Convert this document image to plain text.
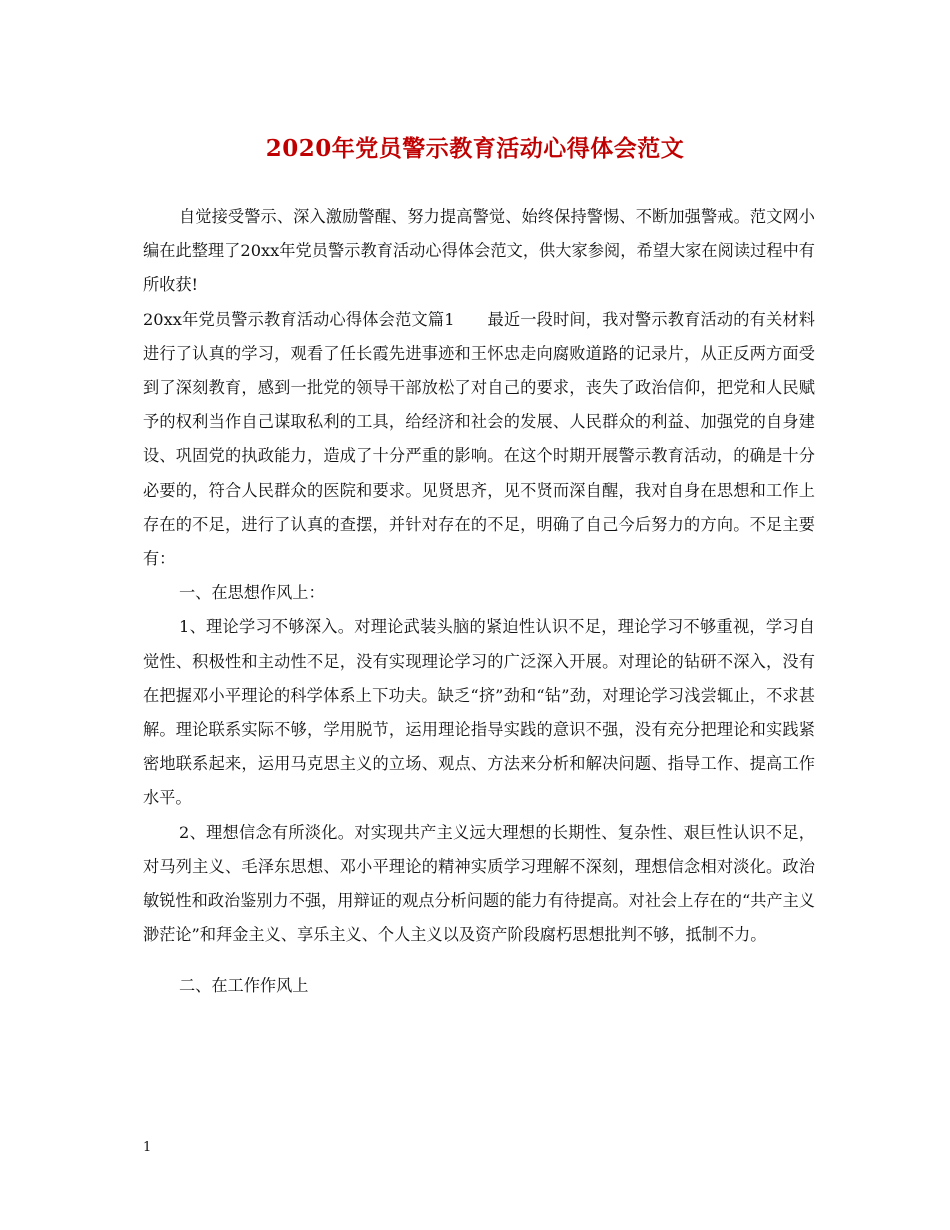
2020年党员警示教育活动心得体会范文

自觉接受警示、深入激励警醒、努力提高警觉、始终保持警惕、不断加强警戒。范文网小编在此整理了20xx年党员警示教育活动心得体会范文，供大家参阅，希望大家在阅读过程中有所收获!

20xx年党员警示教育活动心得体会范文篇1　　最近一段时间，我对警示教育活动的有关材料进行了认真的学习，观看了任长霞先进事迹和王怀忠走向腐败道路的记录片，从正反两方面受到了深刻教育，感到一批党的领导干部放松了对自己的要求，丧失了政治信仰，把党和人民赋予的权利当作自己谋取私利的工具，给经济和社会的发展、人民群众的利益、加强党的自身建设、巩固党的执政能力，造成了十分严重的影响。在这个时期开展警示教育活动，的确是十分必要的，符合人民群众的医院和要求。见贤思齐，见不贤而深自醒，我对自身在思想和工作上存在的不足，进行了认真的查摆，并针对存在的不足，明确了自己今后努力的方向。不足主要有：

一、在思想作风上：

1、理论学习不够深入。对理论武装头脑的紧迫性认识不足，理论学习不够重视，学习自觉性、积极性和主动性不足，没有实现理论学习的广泛深入开展。对理论的钻研不深入，没有在把握邓小平理论的科学体系上下功夫。缺乏“挤”劲和“钻”劲，对理论学习浅尝辄止，不求甚解。理论联系实际不够，学用脱节，运用理论指导实践的意识不强，没有充分把理论和实践紧密地联系起来，运用马克思主义的立场、观点、方法来分析和解决问题、指导工作、提高工作水平。

2、理想信念有所淡化。对实现共产主义远大理想的长期性、复杂性、艰巨性认识不足，对马列主义、毛泽东思想、邓小平理论的精神实质学习理解不深刻，理想信念相对淡化。政治敏锐性和政治鉴别力不强，用辩证的观点分析问题的能力有待提高。对社会上存在的“共产主义渺茫论”和拜金主义、享乐主义、个人主义以及资产阶段腐朽思想批判不够，抵制不力。

二、在工作作风上

1
